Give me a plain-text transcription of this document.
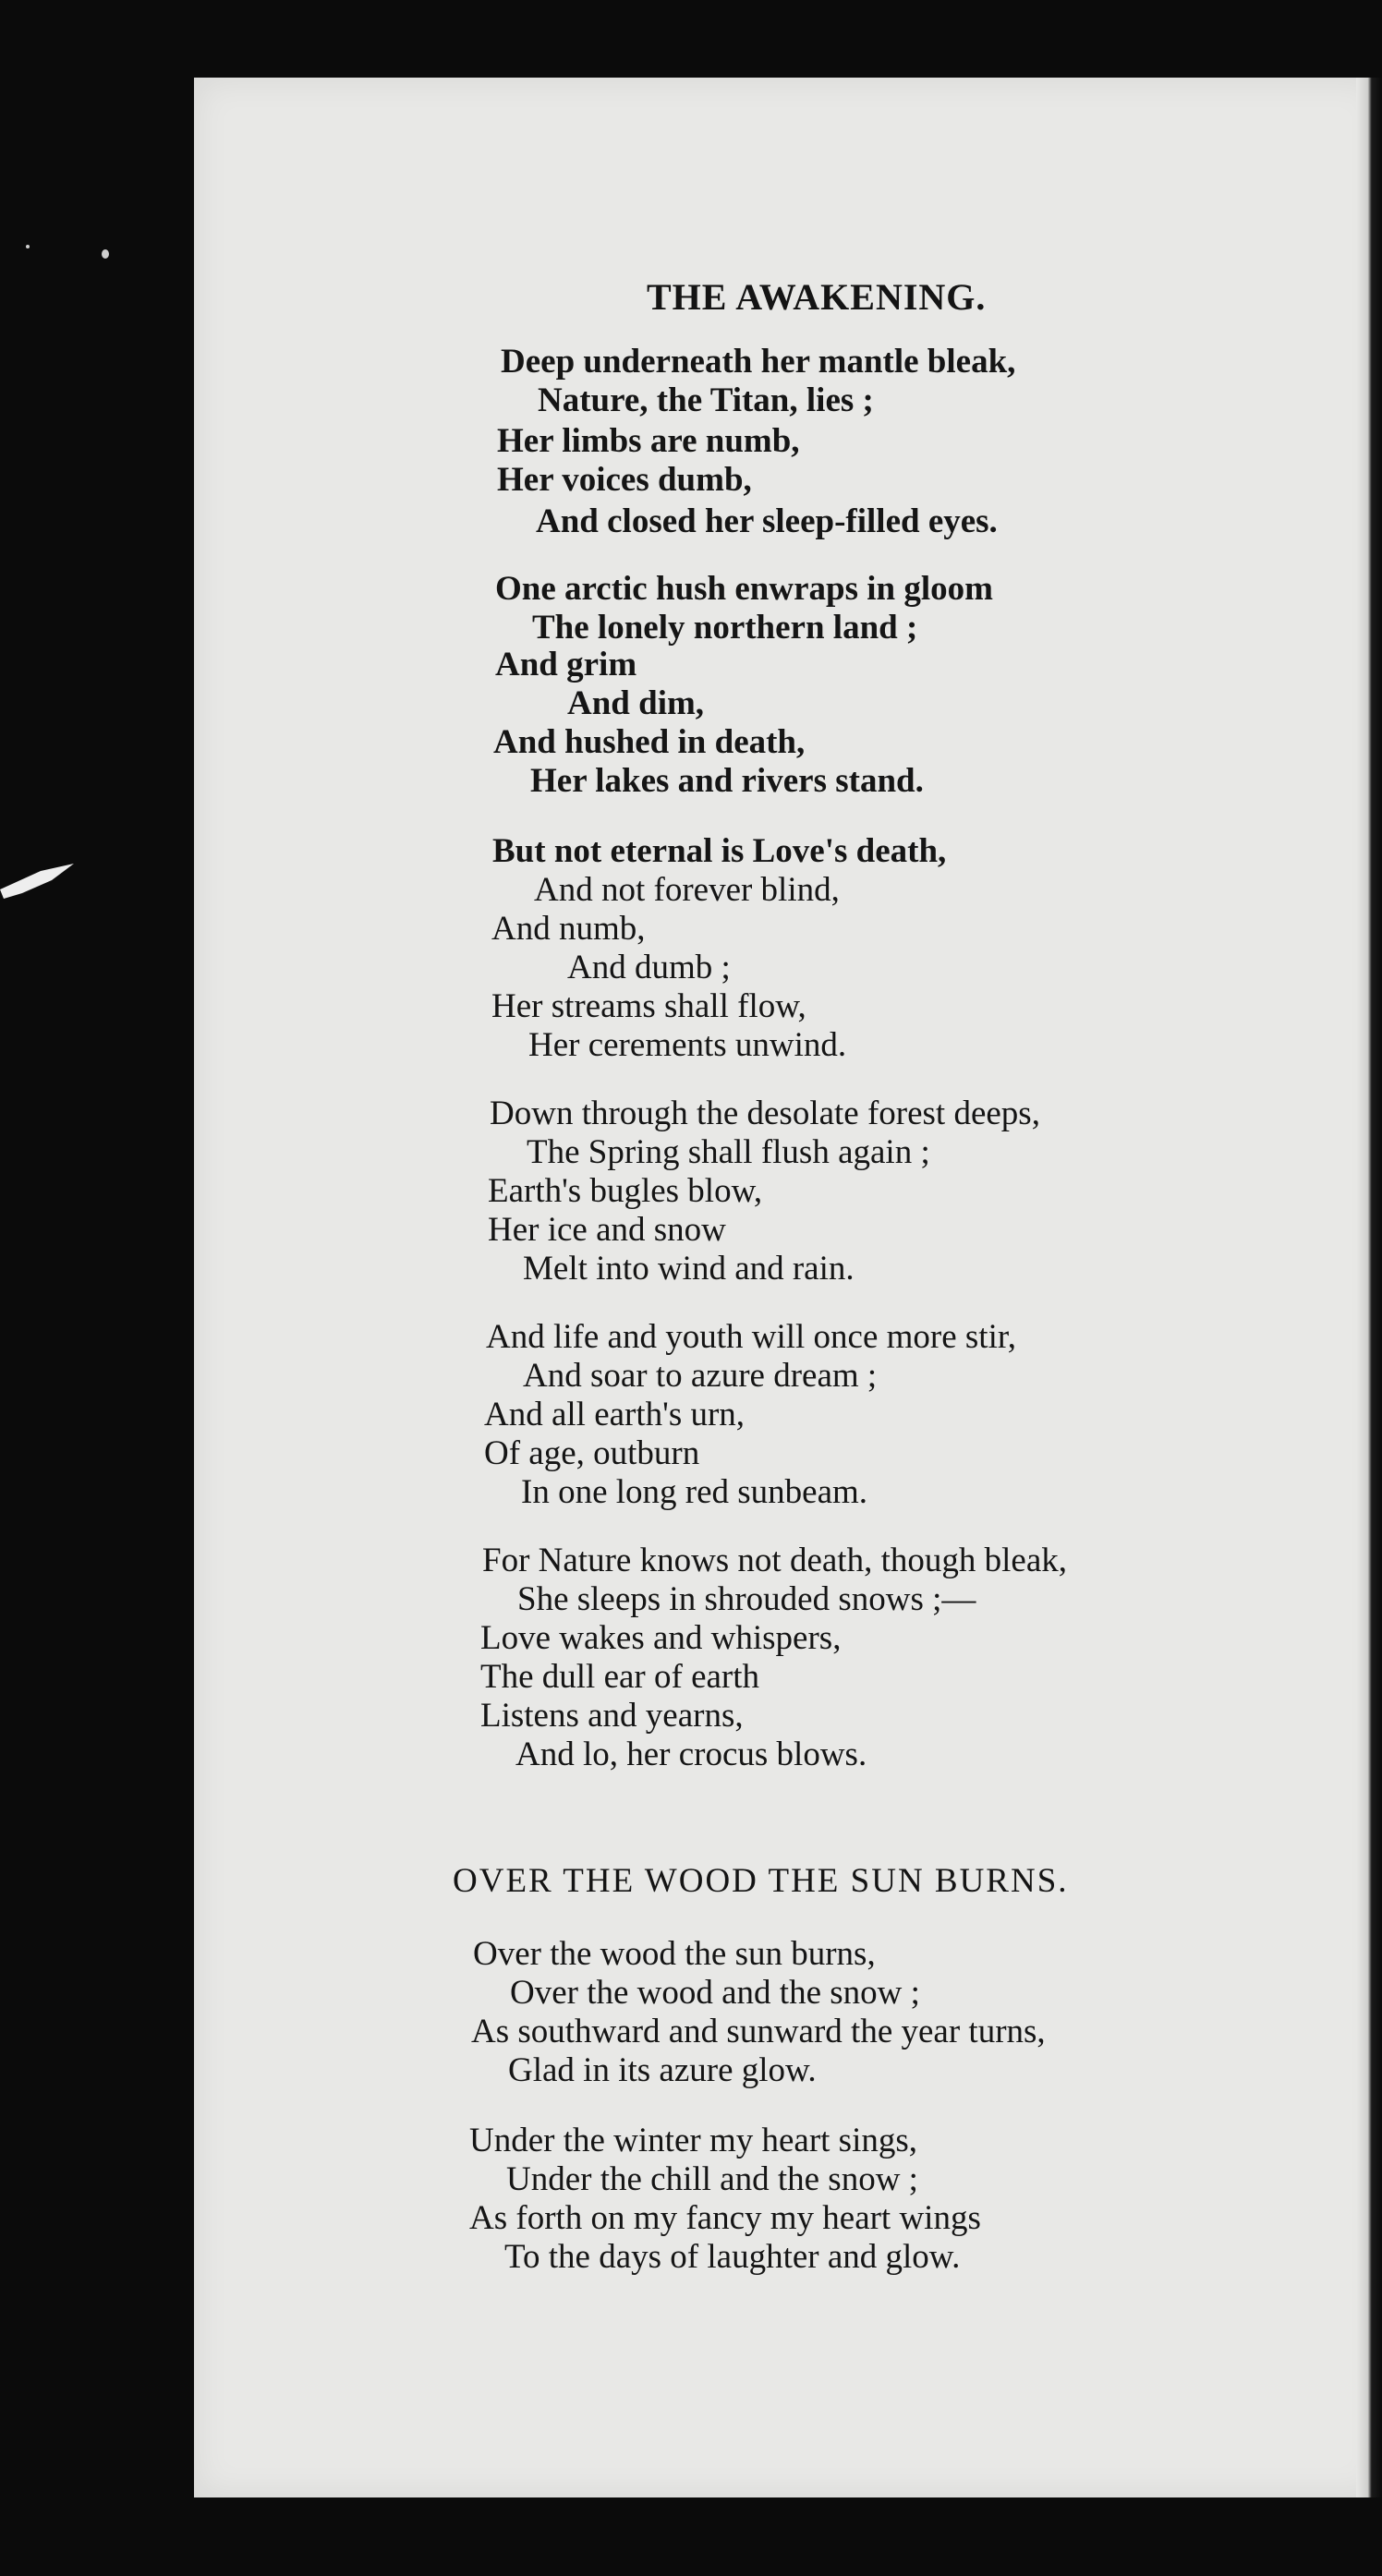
THE AWAKENING.
OVER THE WOOD THE SUN BURNS.
Deep underneath her mantle bleak,
Nature, the Titan, lies ;
Her limbs are numb,
Her voices dumb,
And closed her sleep-filled eyes.
One arctic hush enwraps in gloom
The lonely northern land ;
And grim
And dim,
And hushed in death,
Her lakes and rivers stand.
But not eternal is Love's death,
And not forever blind,
And numb,
And dumb ;
Her streams shall flow,
Her cerements unwind.
Down through the desolate forest deeps,
The Spring shall flush again ;
Earth's bugles blow,
Her ice and snow
Melt into wind and rain.
And life and youth will once more stir,
And soar to azure dream ;
And all earth's urn,
Of age, outburn
In one long red sunbeam.
For Nature knows not death, though bleak,
She sleeps in shrouded snows ;—
Love wakes and whispers,
The dull ear of earth
Listens and yearns,
And lo, her crocus blows.
Over the wood the sun burns,
Over the wood and the snow ;
As southward and sunward the year turns,
Glad in its azure glow.
Under the winter my heart sings,
Under the chill and the snow ;
As forth on my fancy my heart wings
To the days of laughter and glow.
